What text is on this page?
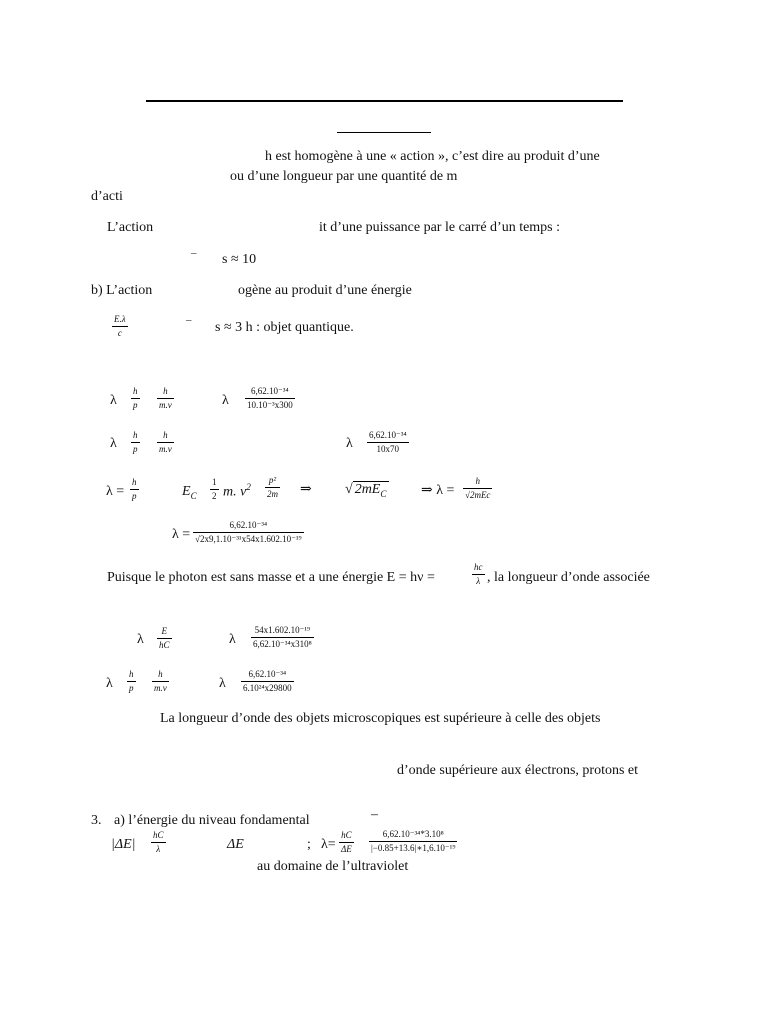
h est homogène à une « action », c’est dire au produit d’une
ou d’une longueur par une quantité de m
d’acti
L’action	it d’une puissance par le carré d’un temps :
– s ≈ 10
b) L’action	ogène au produit d’une énergie
E.λ
c
– s ≈ 3 h : objet quantique.
λ
h
p
h
m.v	λ
6,62.10⁻³⁴
10.10⁻³x300
λ
h
p
h
m.v	λ
6,62.10⁻³⁴
10x70
λ =
h
p	$E_C$
1
2 m. $v^2$
p²
2m ⇒ √ $2mE_C$ ⇒ λ =
h
√2mEc
λ =
6,62.10⁻³⁴
√2x9,1.10⁻³¹x54x1.602.10⁻¹⁹
Puisque le photon est sans masse et a une énergie E = hν =
hc
λ , la longueur d’onde associée
λ
E
hC	λ
54x1.602.10⁻¹⁹
6,62.10⁻³⁴x310⁸
λ
h
p
h
m.v	λ
6,62.10⁻³⁴
6.10²⁴x29800
La longueur d’onde des objets microscopiques est supérieure à celle des objets
d’onde supérieure aux électrons, protons et
3. a) l’énergie du niveau fondamental	–
|ΔE|
hC
λ	ΔE	; λ=
hC
ΔE
6,62.10⁻³⁴*3.10⁸
|−0.85+13.6|∗1,6.10⁻¹⁹
au domaine de l’ultraviolet
